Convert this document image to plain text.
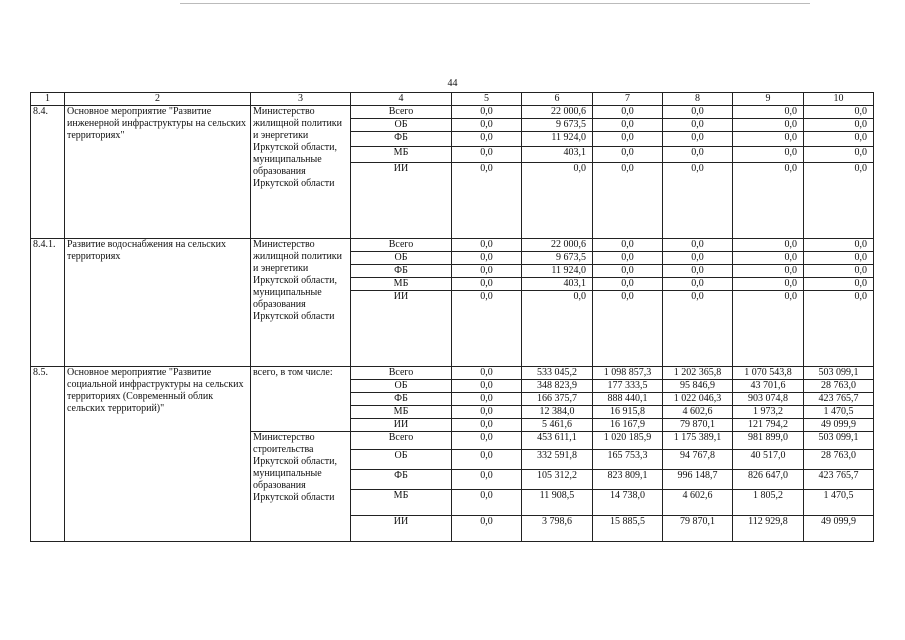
44
1	2	3	4	5	6	7	8	9	10
8.4.	Основное мероприятие "Развитие инженерной инфраструктуры на сельских территориях"	Министерство жилищной политики и энергетики Иркутской области, муниципальные образования Иркутской области	Всего	0,0	22 000,6	0,0	0,0	0,0	0,0
			ОБ	0,0	9 673,5	0,0	0,0	0,0	0,0
			ФБ	0,0	11 924,0	0,0	0,0	0,0	0,0
			МБ	0,0	403,1	0,0	0,0	0,0	0,0
			ИИ	0,0	0,0	0,0	0,0	0,0	0,0
8.4.1.	Развитие водоснабжения на сельских территориях	Министерство жилищной политики и энергетики Иркутской области, муниципальные образования Иркутской области	Всего	0,0	22 000,6	0,0	0,0	0,0	0,0
			ОБ	0,0	9 673,5	0,0	0,0	0,0	0,0
			ФБ	0,0	11 924,0	0,0	0,0	0,0	0,0
			МБ	0,0	403,1	0,0	0,0	0,0	0,0
			ИИ	0,0	0,0	0,0	0,0	0,0	0,0
8.5.	Основное мероприятие "Развитие социальной инфраструктуры на сельских территориях (Современный облик сельских территорий)"	всего, в том числе:	Всего	0,0	533 045,2	1 098 857,3	1 202 365,8	1 070 543,8	503 099,1
			ОБ	0,0	348 823,9	177 333,5	95 846,9	43 701,6	28 763,0
			ФБ	0,0	166 375,7	888 440,1	1 022 046,3	903 074,8	423 765,7
			МБ	0,0	12 384,0	16 915,8	4 602,6	1 973,2	1 470,5
			ИИ	0,0	5 461,6	16 167,9	79 870,1	121 794,2	49 099,9
		Министерство строительства Иркутской области, муниципальные образования Иркутской области	Всего	0,0	453 611,1	1 020 185,9	1 175 389,1	981 899,0	503 099,1
			ОБ	0,0	332 591,8	165 753,3	94 767,8	40 517,0	28 763,0
			ФБ	0,0	105 312,2	823 809,1	996 148,7	826 647,0	423 765,7
			МБ	0,0	11 908,5	14 738,0	4 602,6	1 805,2	1 470,5
			ИИ	0,0	3 798,6	15 885,5	79 870,1	112 929,8	49 099,9
